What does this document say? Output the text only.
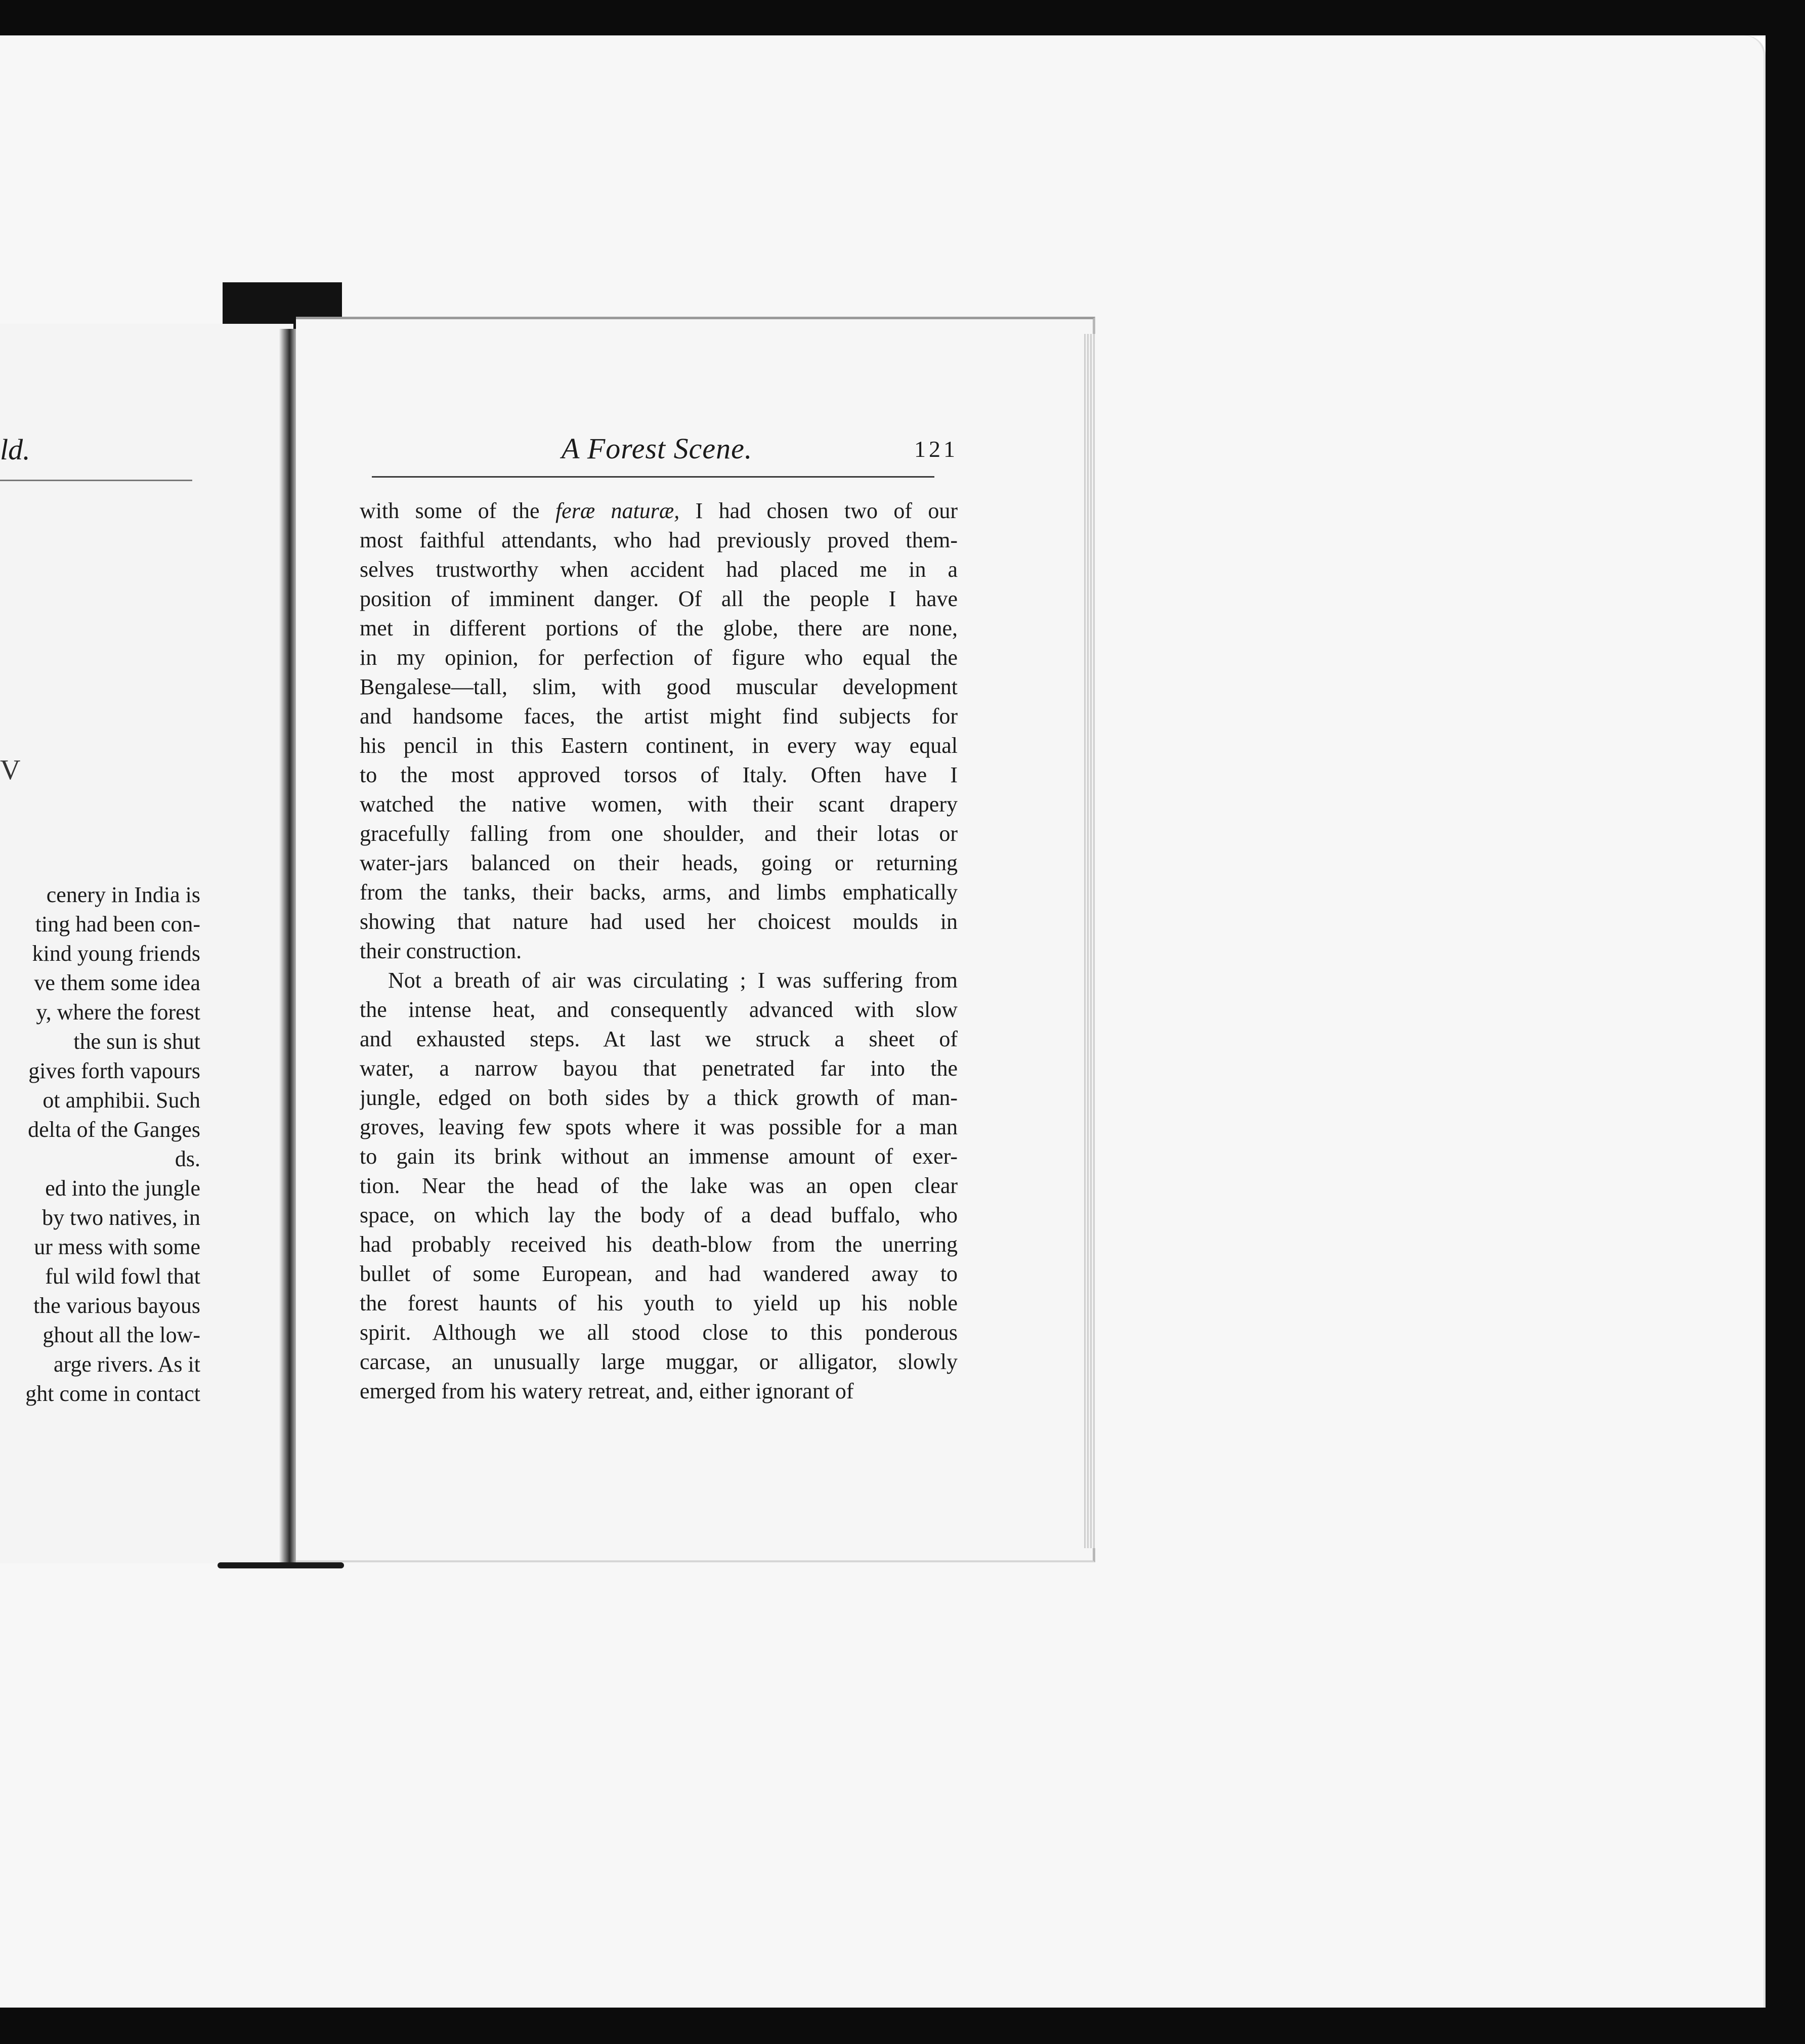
ld.
V
cenery in India is
ting had been con-
kind young friends
ve them some idea
y, where the forest
the sun is shut
gives forth vapours
ot amphibii. Such
delta of the Ganges
ds.
ed into the jungle
by two natives, in
ur mess with some
ful wild fowl that
the various bayous
ghout all the low-
arge rivers. As it
ght come in contact
A Forest Scene.	121
with some of the feræ naturæ, I had chosen two of our
most faithful attendants, who had previously proved them-
selves trustworthy when accident had placed me in a
position of imminent danger. Of all the people I have
met in different portions of the globe, there are none,
in my opinion, for perfection of figure who equal the
Bengalese—tall, slim, with good muscular development
and handsome faces, the artist might find subjects for
his pencil in this Eastern continent, in every way equal
to the most approved torsos of Italy. Often have I
watched the native women, with their scant drapery
gracefully falling from one shoulder, and their lotas or
water-jars balanced on their heads, going or returning
from the tanks, their backs, arms, and limbs emphatically
showing that nature had used her choicest moulds in
their construction.
Not a breath of air was circulating ; I was suffering from
the intense heat, and consequently advanced with slow
and exhausted steps. At last we struck a sheet of
water, a narrow bayou that penetrated far into the
jungle, edged on both sides by a thick growth of man-
groves, leaving few spots where it was possible for a man
to gain its brink without an immense amount of exer-
tion. Near the head of the lake was an open clear
space, on which lay the body of a dead buffalo, who
had probably received his death-blow from the unerring
bullet of some European, and had wandered away to
the forest haunts of his youth to yield up his noble
spirit. Although we all stood close to this ponderous
carcase, an unusually large muggar, or alligator, slowly
emerged from his watery retreat, and, either ignorant of
